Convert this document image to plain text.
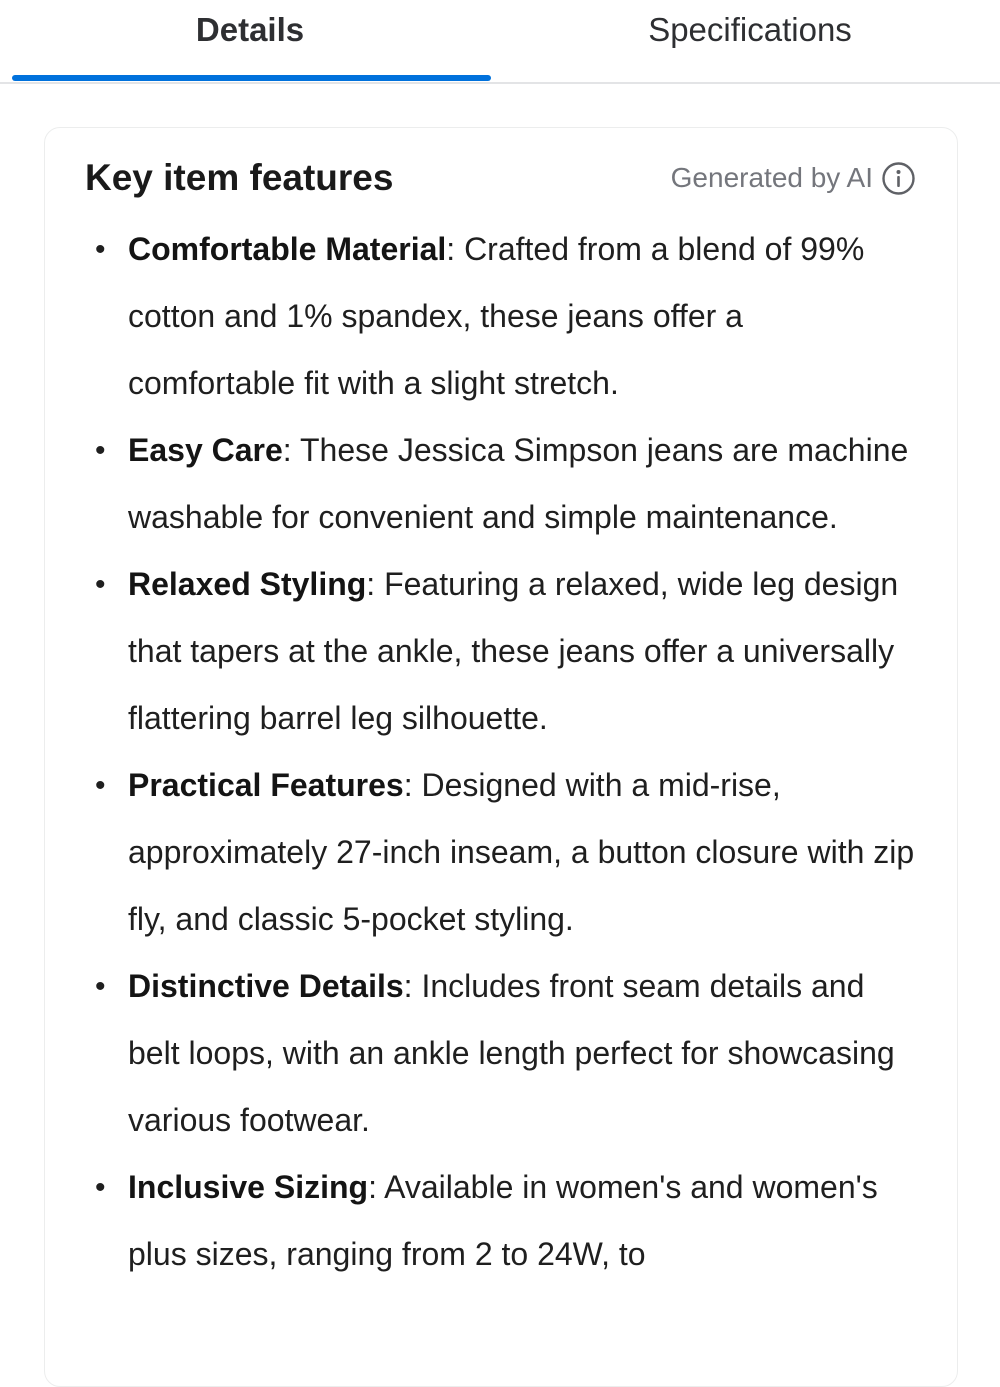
Details	Specifications
Key item features	Generated by AI
• Comfortable Material: Crafted from a blend of 99% cotton and 1% spandex, these jeans offer a comfortable fit with a slight stretch.
• Easy Care: These Jessica Simpson jeans are machine washable for convenient and simple maintenance.
• Relaxed Styling: Featuring a relaxed, wide leg design that tapers at the ankle, these jeans offer a universally flattering barrel leg silhouette.
• Practical Features: Designed with a mid-rise, approximately 27-inch inseam, a button closure with zip fly, and classic 5-pocket styling.
• Distinctive Details: Includes front seam details and belt loops, with an ankle length perfect for showcasing various footwear.
• Inclusive Sizing: Available in women's and women's plus sizes, ranging from 2 to 24W, to
